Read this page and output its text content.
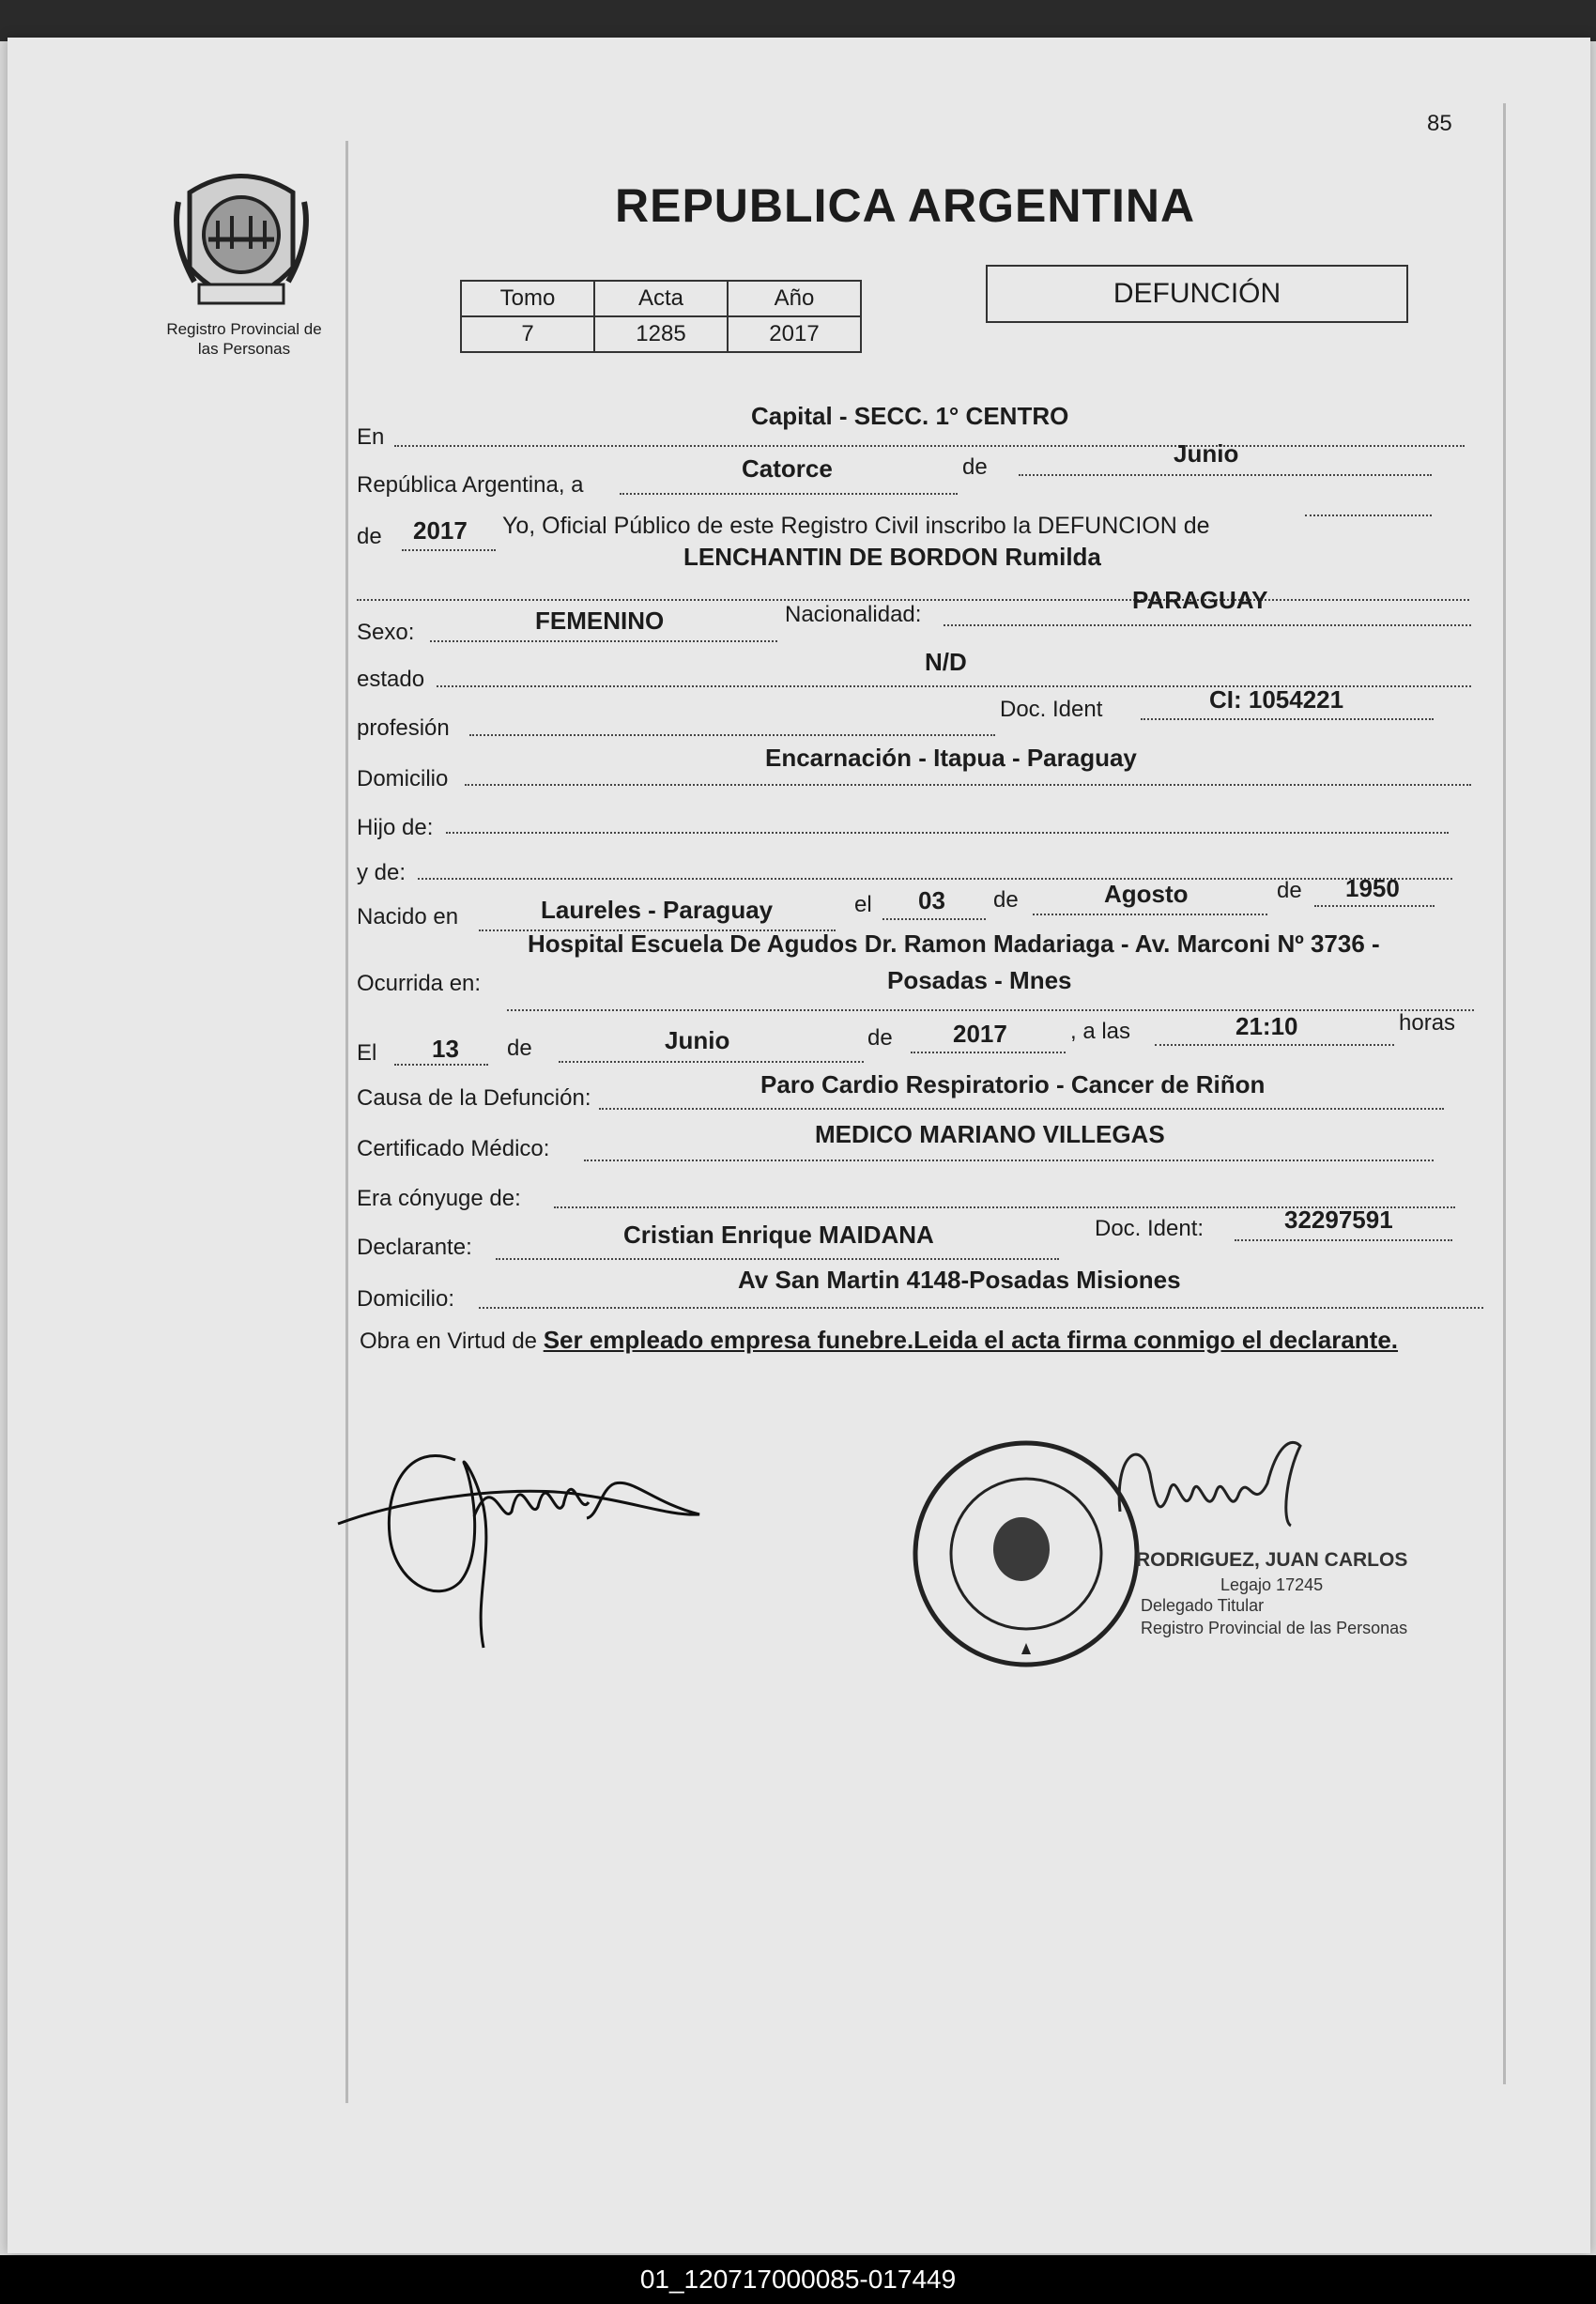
85
Registro Provincial de
las Personas
REPUBLICA ARGENTINA
Tomo	Acta	Año
7	1285	2017
DEFUNCIÓN
En
Capital - SECC. 1° CENTRO
República Argentina, a
Catorce	de	Junio
de 2017 Yo, Oficial Público de este Registro Civil inscribo la DEFUNCION de
LENCHANTIN DE BORDON Rumilda
Sexo:	FEMENINO	Nacionalidad:
PARAGUAY
estado
N/D
profesión
Doc. Ident	CI: 1054221
Domicilio
Encarnación - Itapua - Paraguay
Hijo de:
y de:
Nacido en	Laureles - Paraguay	el 03 de	Agosto	de 1950
Ocurrida en:
Hospital Escuela De Agudos Dr. Ramon Madariaga - Av. Marconi Nº 3736 -
Posadas - Mnes
El 13 de	Junio	de 2017	, a las	21:10	horas
Causa de la Defunción:	Paro Cardio Respiratorio - Cancer de Riñon
Certificado Médico:
MEDICO MARIANO VILLEGAS
Era cónyuge de:
Declarante:	Cristian Enrique MAIDANA	Doc. Ident:	32297591
Domicilio:
Av San Martin 4148-Posadas Misiones
Obra en Virtud de Ser empleado empresa funebre.Leida el acta firma conmigo el declarante.
RODRIGUEZ, JUAN CARLOS
Legajo 17245
Delegado Titular
Registro Provincial de las Personas
01_120717000085-017449
